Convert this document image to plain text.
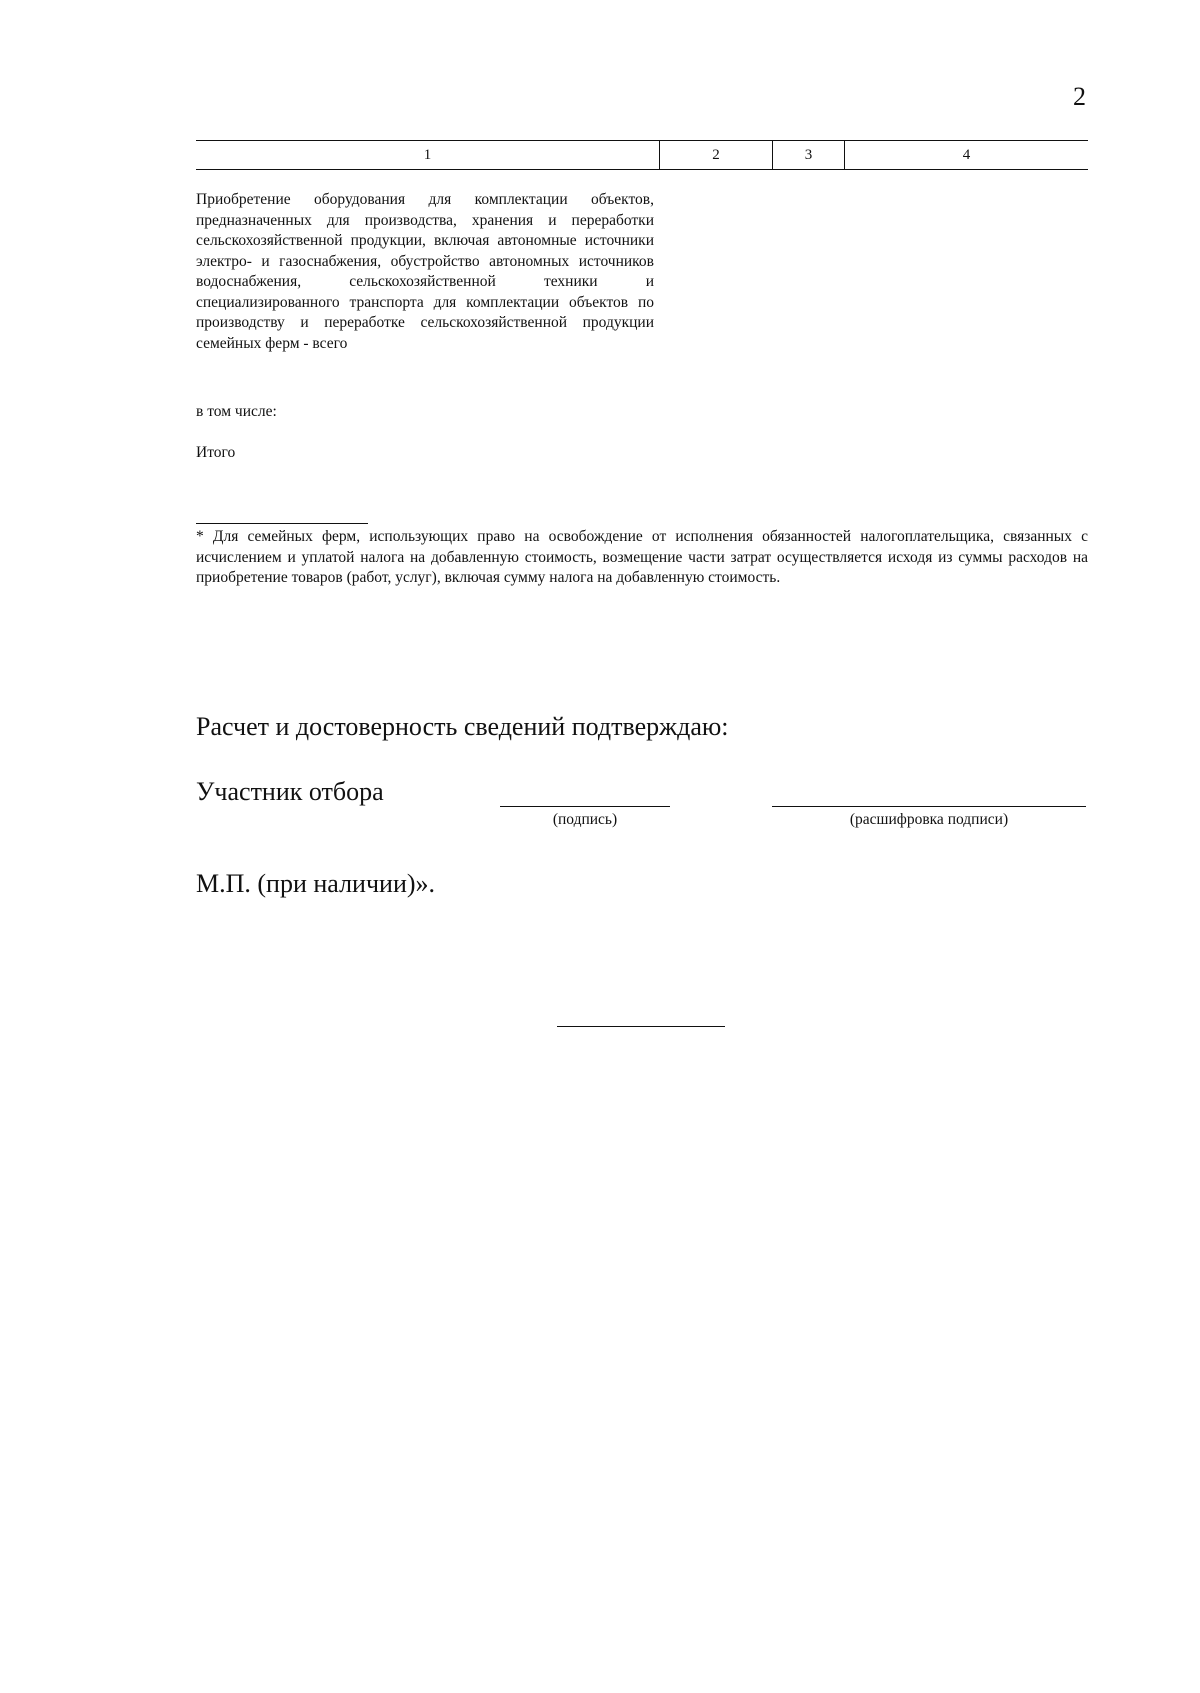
2
1	2	3	4
Приобретение оборудования для комплектации объектов, предназначенных для производства, хранения и переработки сельскохозяйственной продукции, включая автономные источники электро- и газоснабжения, обустройство автономных источников водоснабжения, сельскохозяйственной техники и специализированного транспорта для комплектации объектов по производству и переработке сельскохозяйственной продукции семейных ферм - всего
в том числе:
Итого
* Для семейных ферм, использующих право на освобождение от исполнения обязанностей налогоплательщика, связанных с исчислением и уплатой налога на добавленную стоимость, возмещение части затрат осуществляется исходя из суммы расходов на приобретение товаров (работ, услуг), включая сумму налога на добавленную стоимость.
Расчет и достоверность сведений подтверждаю:
Участник отбора
(подпись)	(расшифровка подписи)
М.П. (при наличии)».
